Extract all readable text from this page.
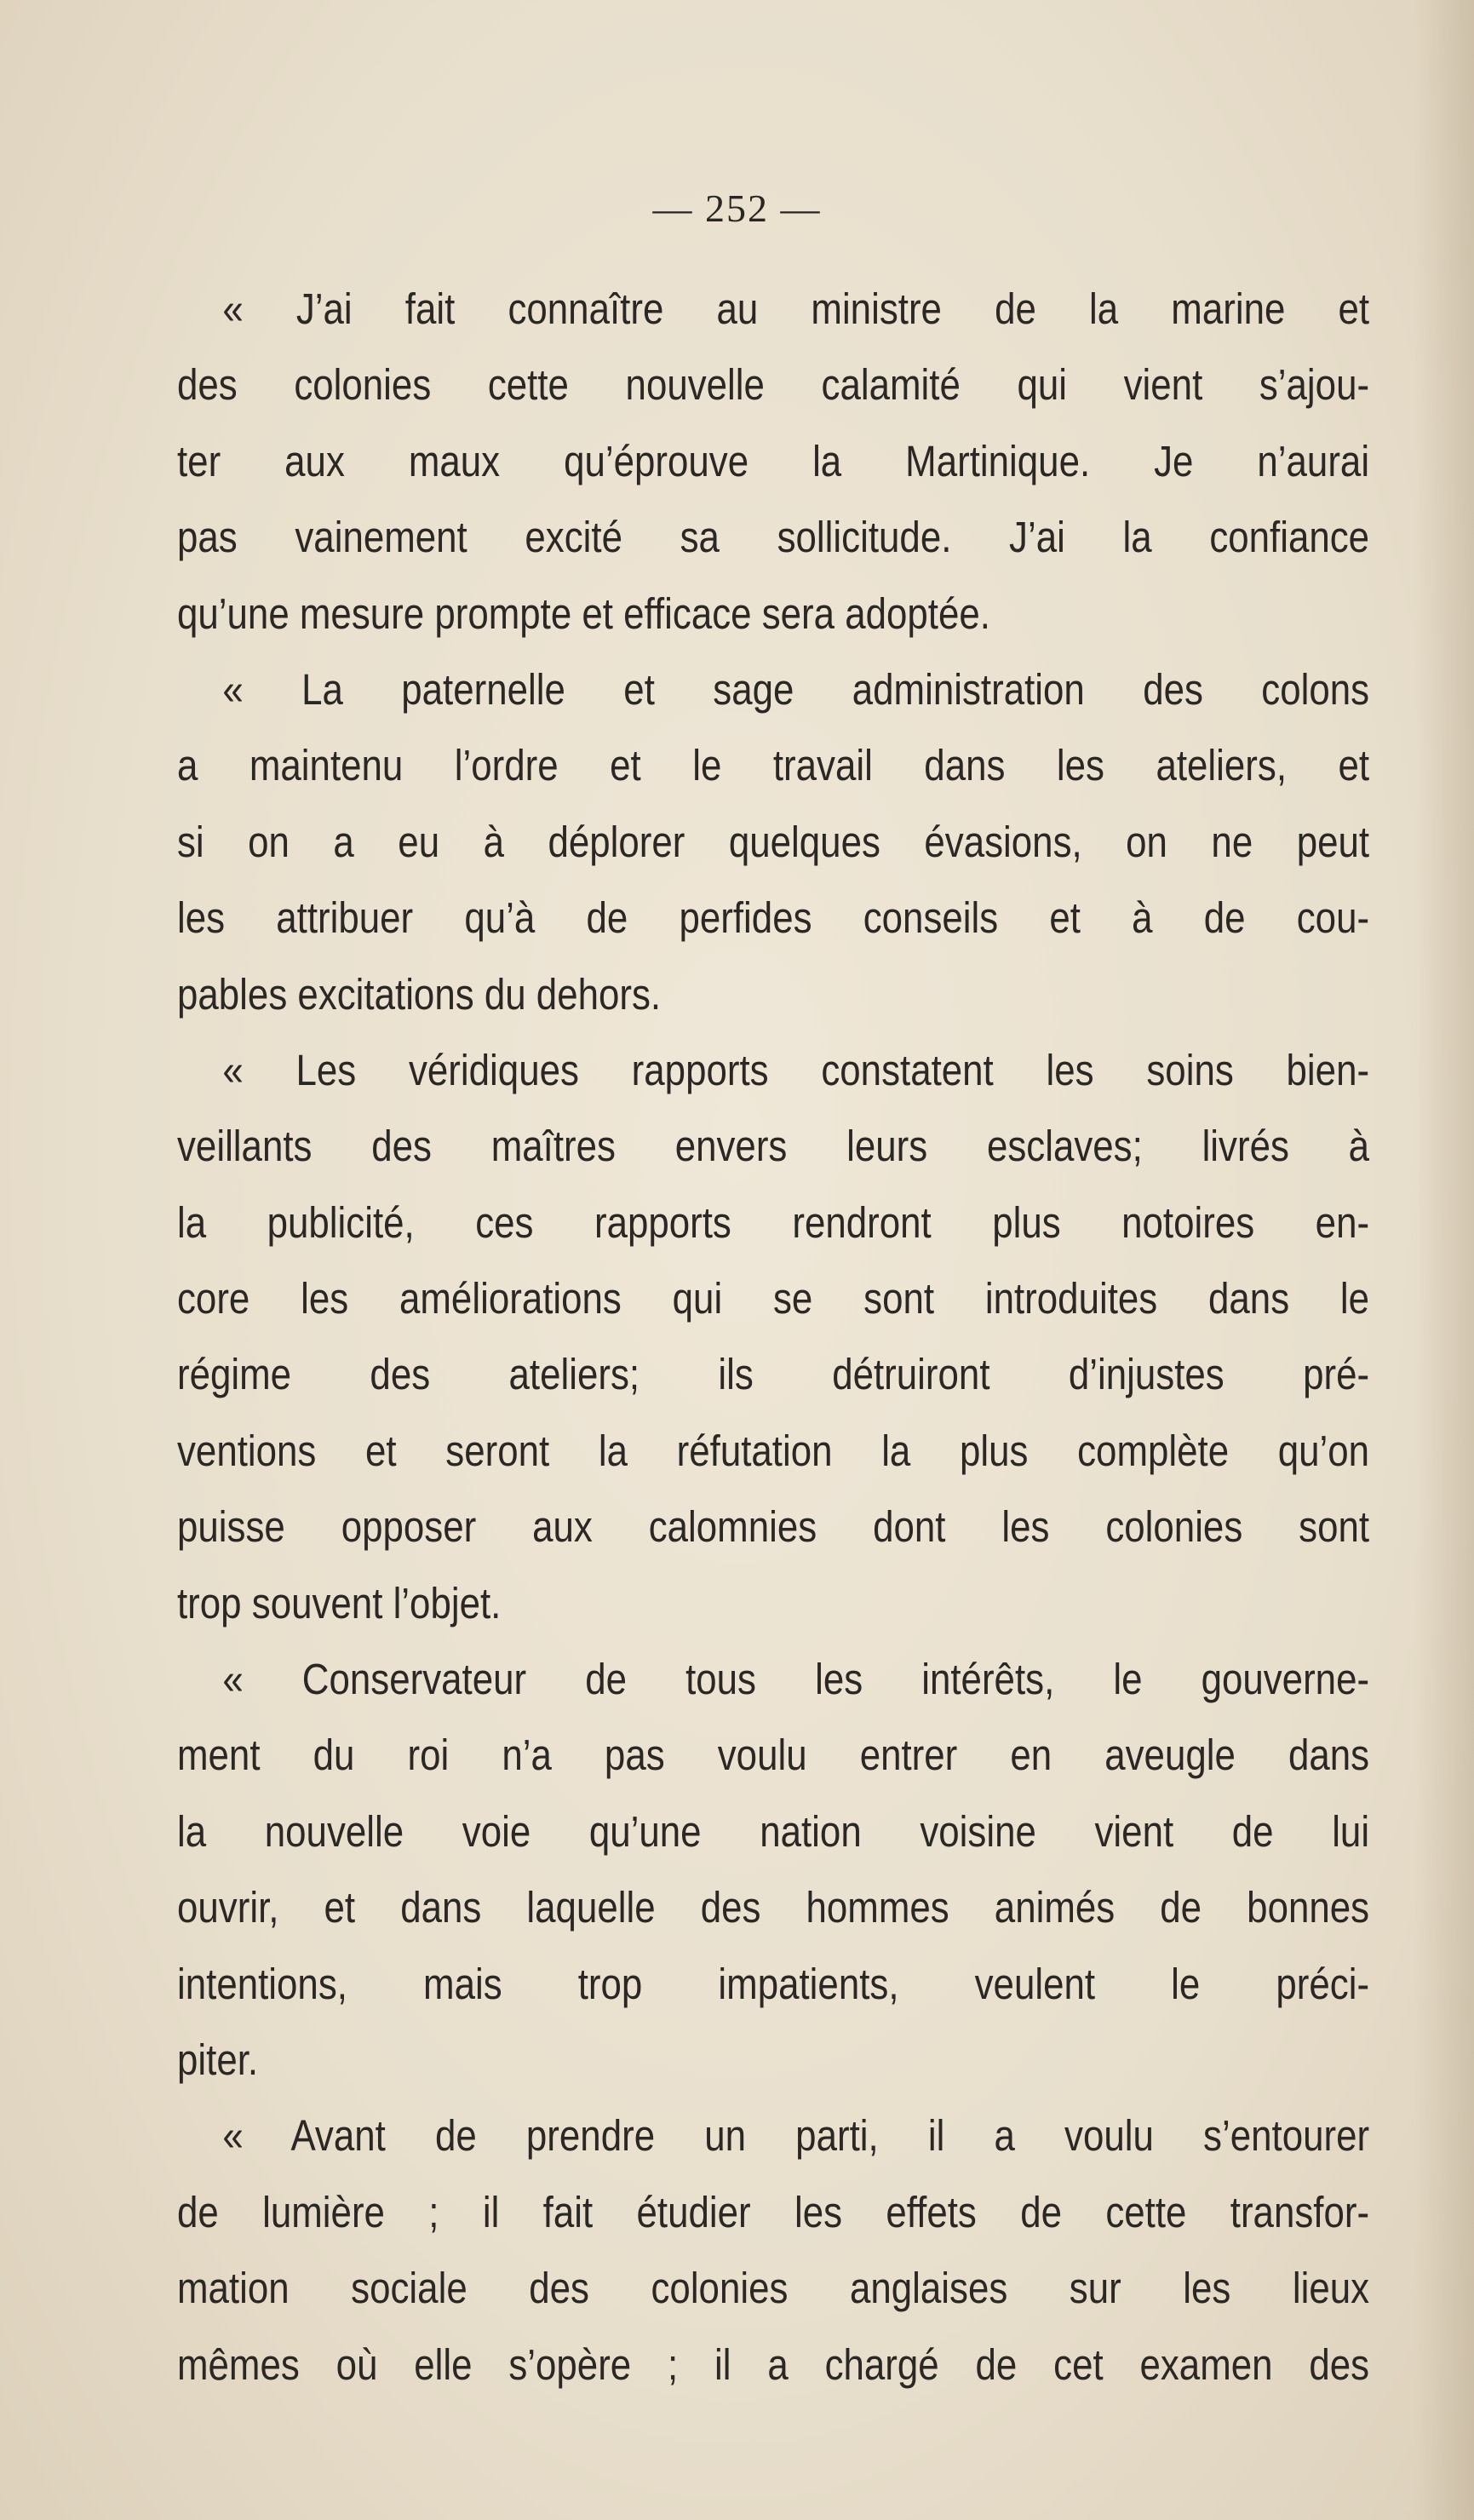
— 252 —
« J’ai fait connaître au ministre de la marine et
des colonies cette nouvelle calamité qui vient s’ajou-
ter aux maux qu’éprouve la Martinique. Je n’aurai
pas vainement excité sa sollicitude. J’ai la confiance
qu’une mesure prompte et efficace sera adoptée.
« La paternelle et sage administration des colons
a maintenu l’ordre et le travail dans les ateliers, et
si on a eu à déplorer quelques évasions, on ne peut
les attribuer qu’à de perfides conseils et à de cou-
pables excitations du dehors.
« Les véridiques rapports constatent les soins bien-
veillants des maîtres envers leurs esclaves; livrés à
la publicité, ces rapports rendront plus notoires en-
core les améliorations qui se sont introduites dans le
régime des ateliers; ils détruiront d’injustes pré-
ventions et seront la réfutation la plus complète qu’on
puisse opposer aux calomnies dont les colonies sont
trop souvent l’objet.
« Conservateur de tous les intérêts, le gouverne-
ment du roi n’a pas voulu entrer en aveugle dans
la nouvelle voie qu’une nation voisine vient de lui
ouvrir, et dans laquelle des hommes animés de bonnes
intentions, mais trop impatients, veulent le préci-
piter.
« Avant de prendre un parti, il a voulu s’entourer
de lumière ; il fait étudier les effets de cette transfor-
mation sociale des colonies anglaises sur les lieux
mêmes où elle s’opère ; il a chargé de cet examen des
